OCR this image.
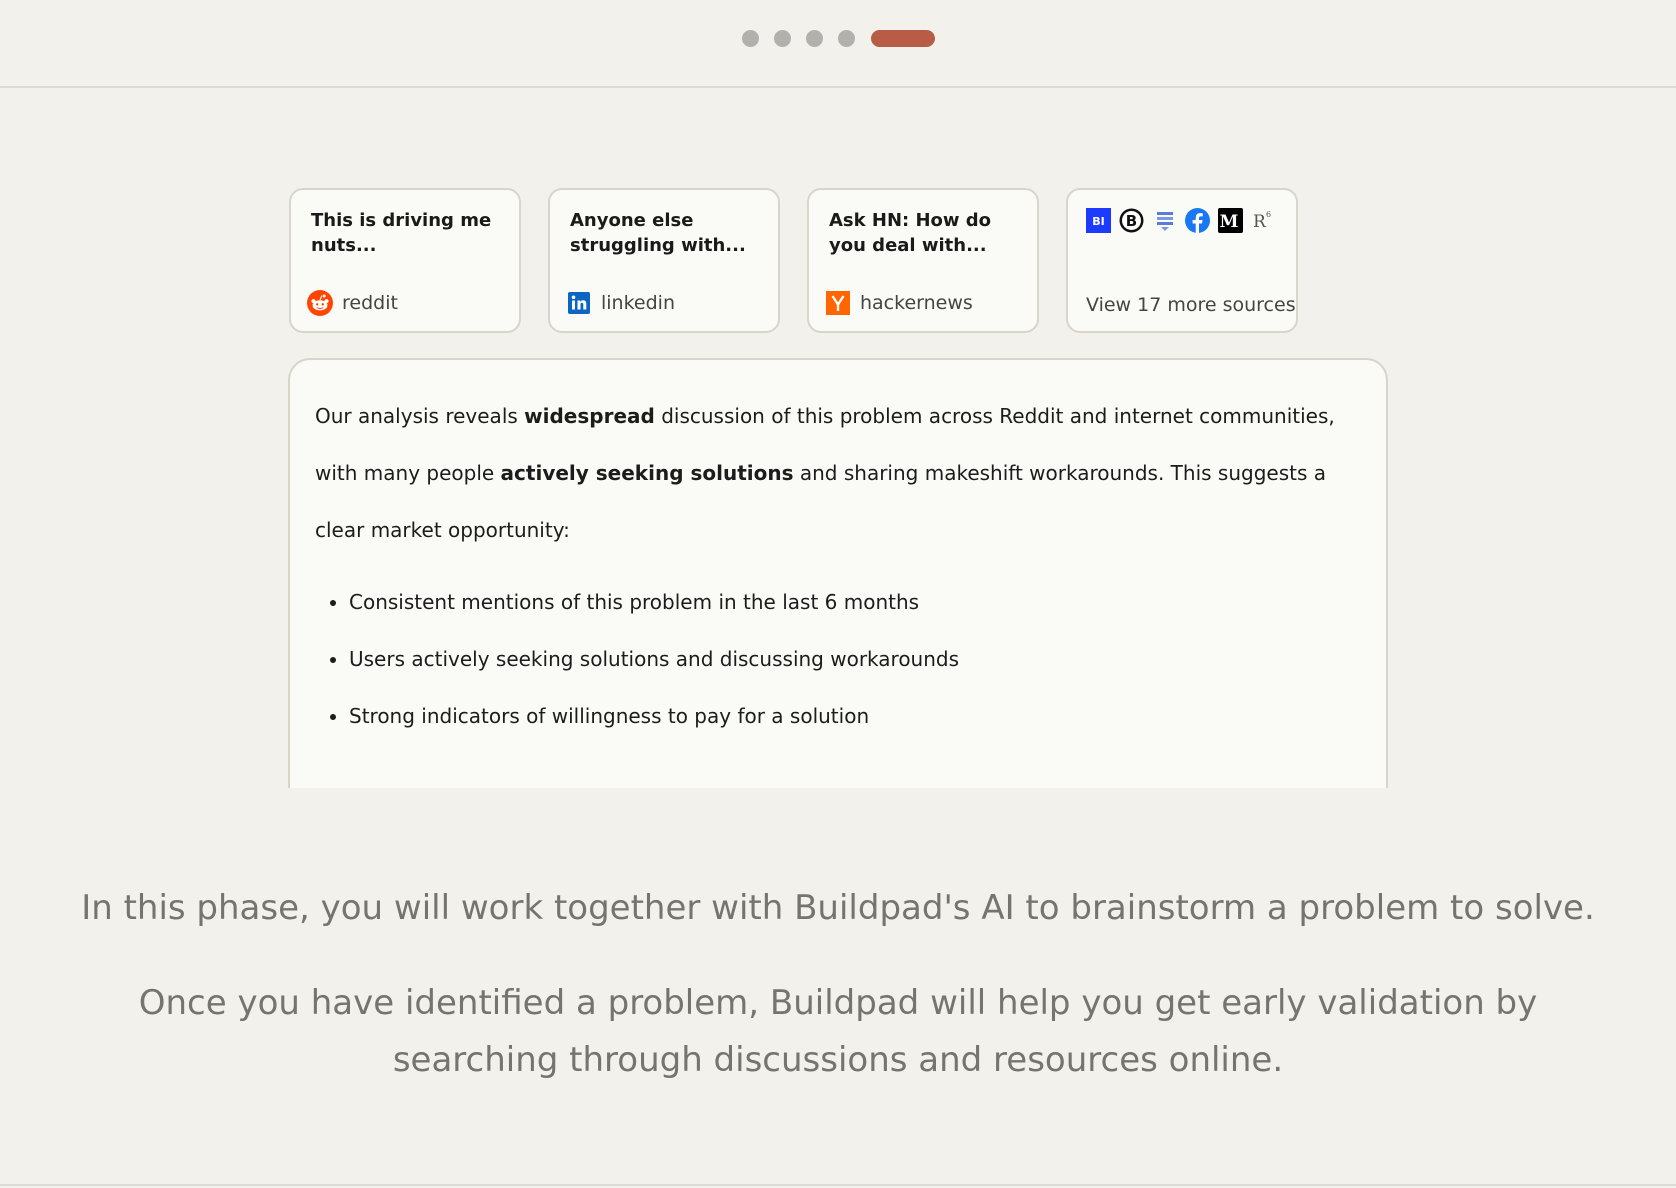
This is driving me nuts...
reddit
Anyone else struggling with...
linkedin
Ask HN: How do you deal with...
hackernews
BI B	M R 6
View 17 more sources

Our analysis reveals widespread discussion of this problem across Reddit and internet communities, with many people actively seeking solutions and sharing makeshift workarounds. This suggests a clear market opportunity:

• Consistent mentions of this problem in the last 6 months
• Users actively seeking solutions and discussing workarounds
• Strong indicators of willingness to pay for a solution

In this phase, you will work together with Buildpad's AI to brainstorm a problem to solve.

Once you have identified a problem, Buildpad will help you get early validation by searching through discussions and resources online.
